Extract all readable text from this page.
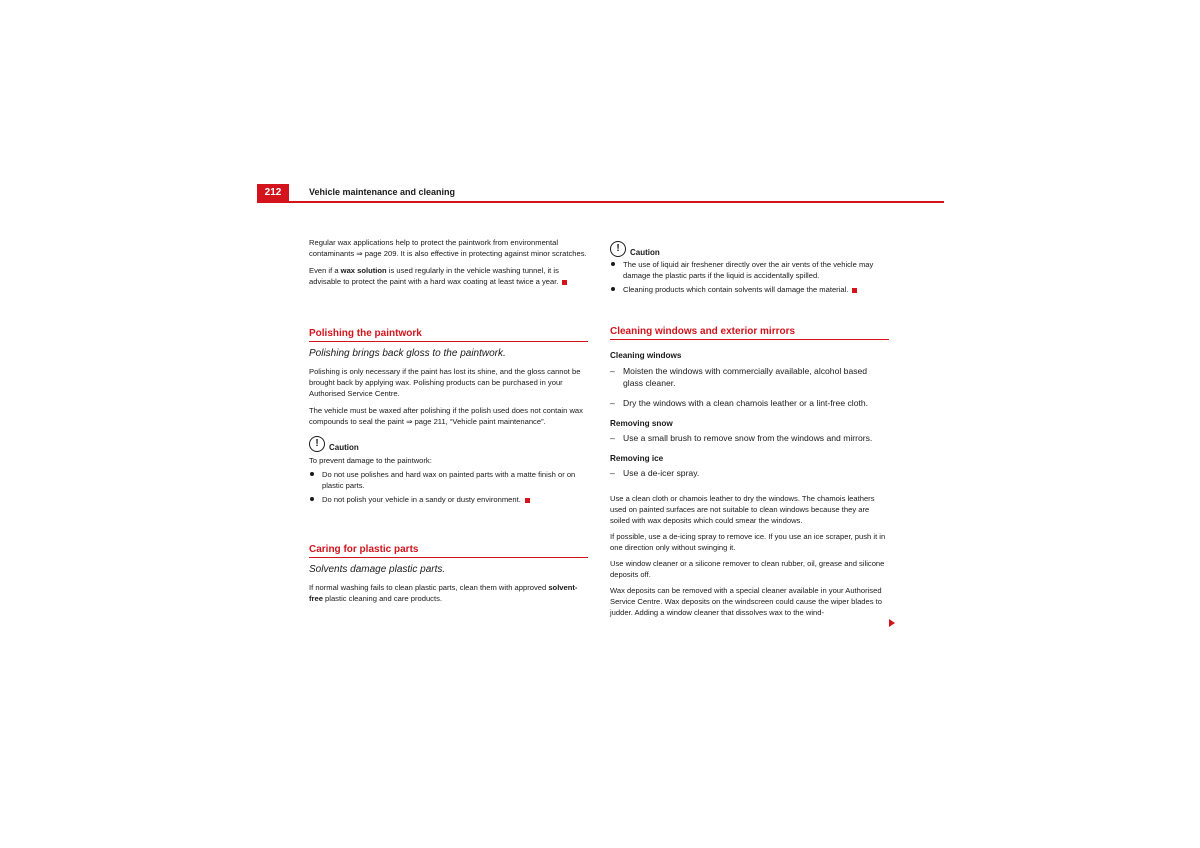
212	Vehicle maintenance and cleaning

Regular wax applications help to protect the paintwork from environmental contaminants ⇒ page 209. It is also effective in protecting against minor scratches.

Even if a wax solution is used regularly in the vehicle washing tunnel, it is advisable to protect the paint with a hard wax coating at least twice a year.

Polishing the paintwork
Polishing brings back gloss to the paintwork.

Polishing is only necessary if the paint has lost its shine, and the gloss cannot be brought back by applying wax. Polishing products can be purchased in your Authorised Service Centre.

The vehicle must be waxed after polishing if the polish used does not contain wax compounds to seal the paint ⇒ page 211, “Vehicle paint maintenance”.

!	Caution

To prevent damage to the paintwork:

Do not use polishes and hard wax on painted parts with a matte finish or on plastic parts.

Do not polish your vehicle in a sandy or dusty environment.

Caring for plastic parts
Solvents damage plastic parts.

If normal washing fails to clean plastic parts, clean them with approved solvent-free plastic cleaning and care products.

!	Caution

The use of liquid air freshener directly over the air vents of the vehicle may damage the plastic parts if the liquid is accidentally spilled.

Cleaning products which contain solvents will damage the material.

Cleaning windows and exterior mirrors
Cleaning windows
– Moisten the windows with commercially available, alcohol based glass cleaner.
– Dry the windows with a clean chamois leather or a lint-free cloth.
Removing snow
– Use a small brush to remove snow from the windows and mirrors.
Removing ice
– Use a de-icer spray.

Use a clean cloth or chamois leather to dry the windows. The chamois leathers used on painted surfaces are not suitable to clean windows because they are soiled with wax deposits which could smear the windows.

If possible, use a de-icing spray to remove ice. If you use an ice scraper, push it in one direction only without swinging it.

Use window cleaner or a silicone remover to clean rubber, oil, grease and silicone deposits off.

Wax deposits can be removed with a special cleaner available in your Authorised Service Centre. Wax deposits on the windscreen could cause the wiper blades to judder. Adding a window cleaner that dissolves wax to the wind-
